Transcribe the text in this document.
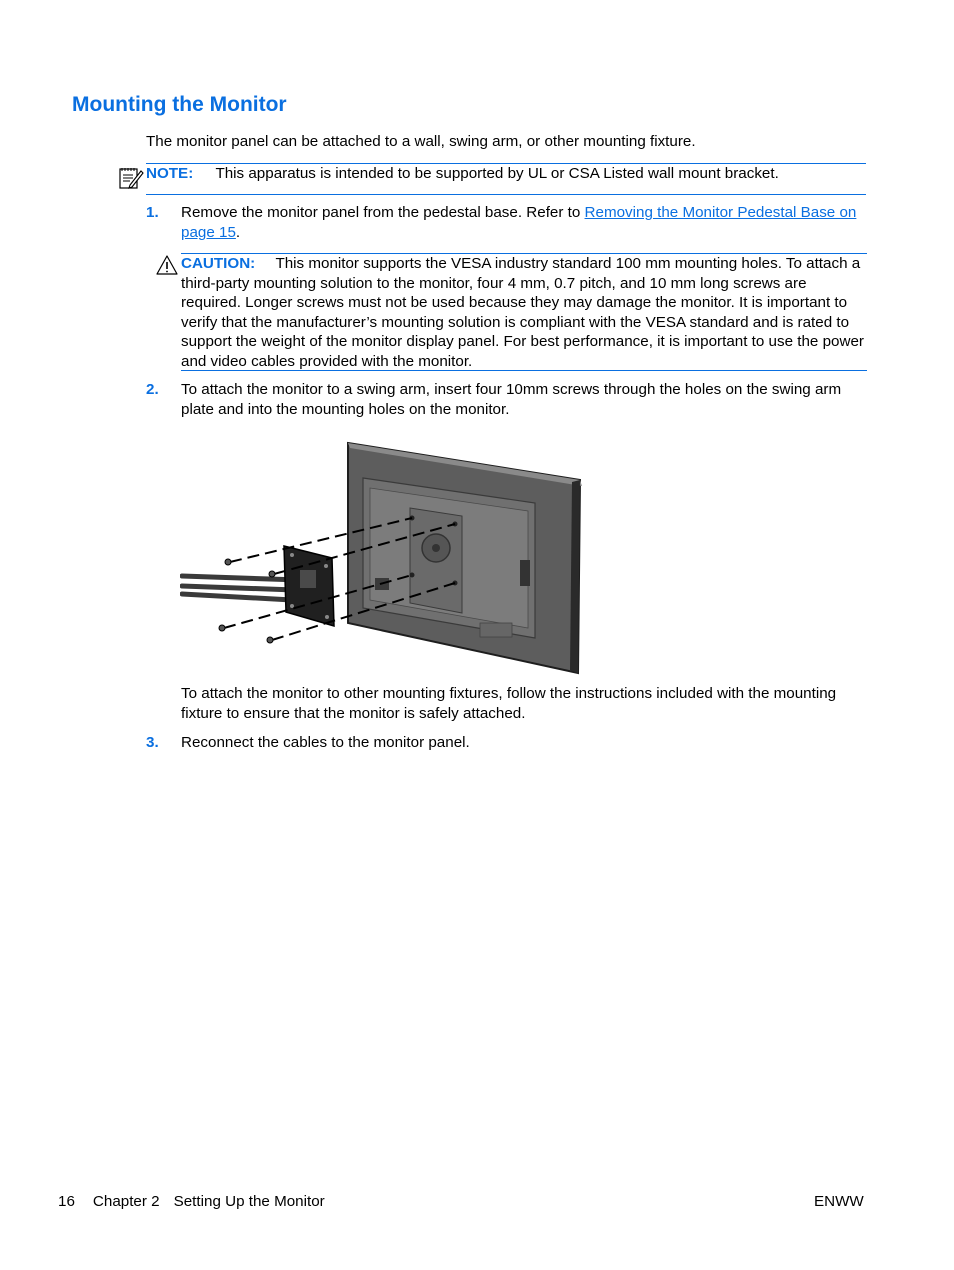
Mounting the Monitor
The monitor panel can be attached to a wall, swing arm, or other mounting fixture.
NOTE: This apparatus is intended to be supported by UL or CSA Listed wall mount bracket.
1. Remove the monitor panel from the pedestal base. Refer to Removing the Monitor Pedestal Base on page 15.
CAUTION: This monitor supports the VESA industry standard 100 mm mounting holes. To attach a third-party mounting solution to the monitor, four 4 mm, 0.7 pitch, and 10 mm long screws are required. Longer screws must not be used because they may damage the monitor. It is important to verify that the manufacturer’s mounting solution is compliant with the VESA standard and is rated to support the weight of the monitor display panel. For best performance, it is important to use the power and video cables provided with the monitor.
2. To attach the monitor to a swing arm, insert four 10mm screws through the holes on the swing arm plate and into the mounting holes on the monitor.
To attach the monitor to other mounting fixtures, follow the instructions included with the mounting fixture to ensure that the monitor is safely attached.
3. Reconnect the cables to the monitor panel.
16 Chapter 2 Setting Up the Monitor	ENWW
